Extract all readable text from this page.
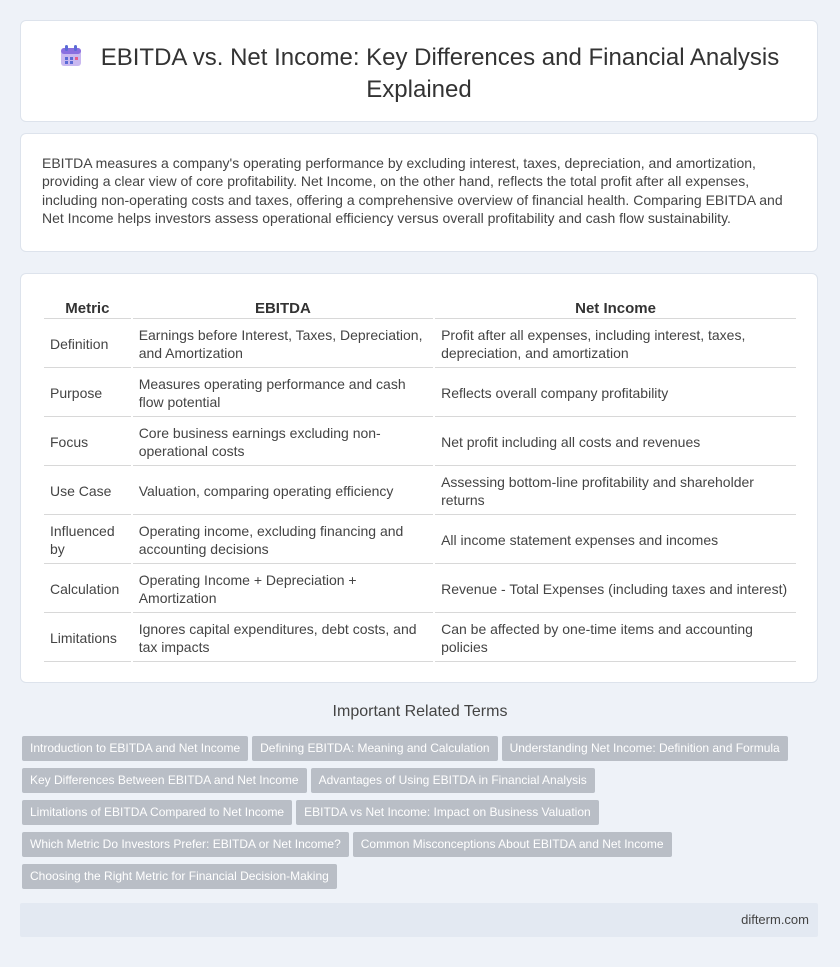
EBITDA vs. Net Income: Key Differences and Financial Analysis
Explained

EBITDA measures a company's operating performance by excluding interest, taxes, depreciation, and amortization, providing a clear view of core profitability. Net Income, on the other hand, reflects the total profit after all expenses, including non-operating costs and taxes, offering a comprehensive overview of financial health. Comparing EBITDA and Net Income helps investors assess operational efficiency versus overall profitability and cash flow sustainability.

Metric	EBITDA	Net Income
Definition	Earnings before Interest, Taxes, Depreciation, and Amortization	Profit after all expenses, including interest, taxes, depreciation, and amortization
Purpose	Measures operating performance and cash flow potential	Reflects overall company profitability
Focus	Core business earnings excluding non-operational costs	Net profit including all costs and revenues
Use Case	Valuation, comparing operating efficiency	Assessing bottom-line profitability and shareholder returns
Influenced by	Operating income, excluding financing and accounting decisions	All income statement expenses and incomes
Calculation	Operating Income + Depreciation + Amortization	Revenue - Total Expenses (including taxes and interest)
Limitations	Ignores capital expenditures, debt costs, and tax impacts	Can be affected by one-time items and accounting policies
Important Related Terms
Introduction to EBITDA and Net Income Defining EBITDA: Meaning and Calculation Understanding Net Income: Definition and Formula
Key Differences Between EBITDA and Net Income Advantages of Using EBITDA in Financial Analysis
Limitations of EBITDA Compared to Net Income EBITDA vs Net Income: Impact on Business Valuation
Which Metric Do Investors Prefer: EBITDA or Net Income? Common Misconceptions About EBITDA and Net Income
Choosing the Right Metric for Financial Decision-Making
difterm.com
